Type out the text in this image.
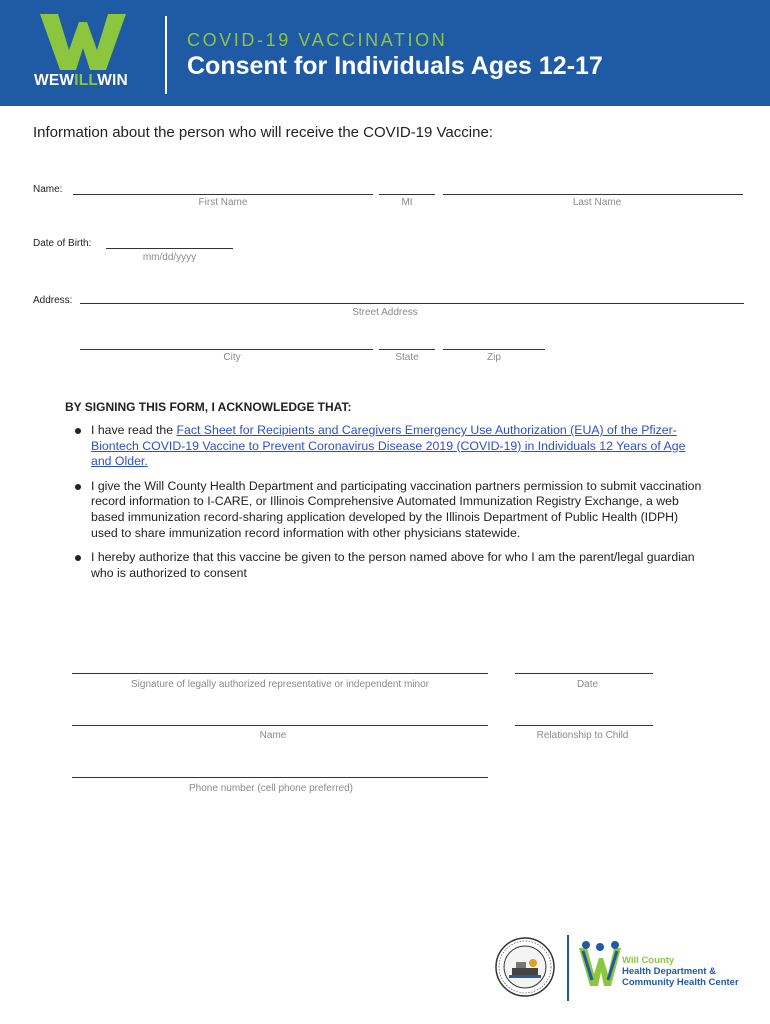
WEWILLWIN
COVID-19 VACCINATION
Consent for Individuals Ages 12-17
Information about the person who will receive the COVID-19 Vaccine:
Name:
First Name	MI	Last Name
Date of Birth:
mm/dd/yyyy
Address:
Street Address
City	State	Zip
BY SIGNING THIS FORM, I ACKNOWLEDGE THAT:
I have read the Fact Sheet for Recipients and Caregivers Emergency Use Authorization (EUA) of the Pfizer-Biontech COVID-19 Vaccine to Prevent Coronavirus Disease 2019 (COVID-19) in Individuals 12 Years of Age and Older.
I give the Will County Health Department and participating vaccination partners permission to submit vaccination record information to I-CARE, or Illinois Comprehensive Automated Immunization Registry Exchange, a web based immunization record-sharing application developed by the Illinois Department of Public Health (IDPH) used to share immunization record information with other physicians statewide.
I hereby authorize that this vaccine be given to the person named above for who I am the parent/legal guardian who is authorized to consent
Signature of legally authorized representative or independent minor	Date
Name	Relationship to Child
Phone number (cell phone preferred)
Will County
Health Department &
Community Health Center
